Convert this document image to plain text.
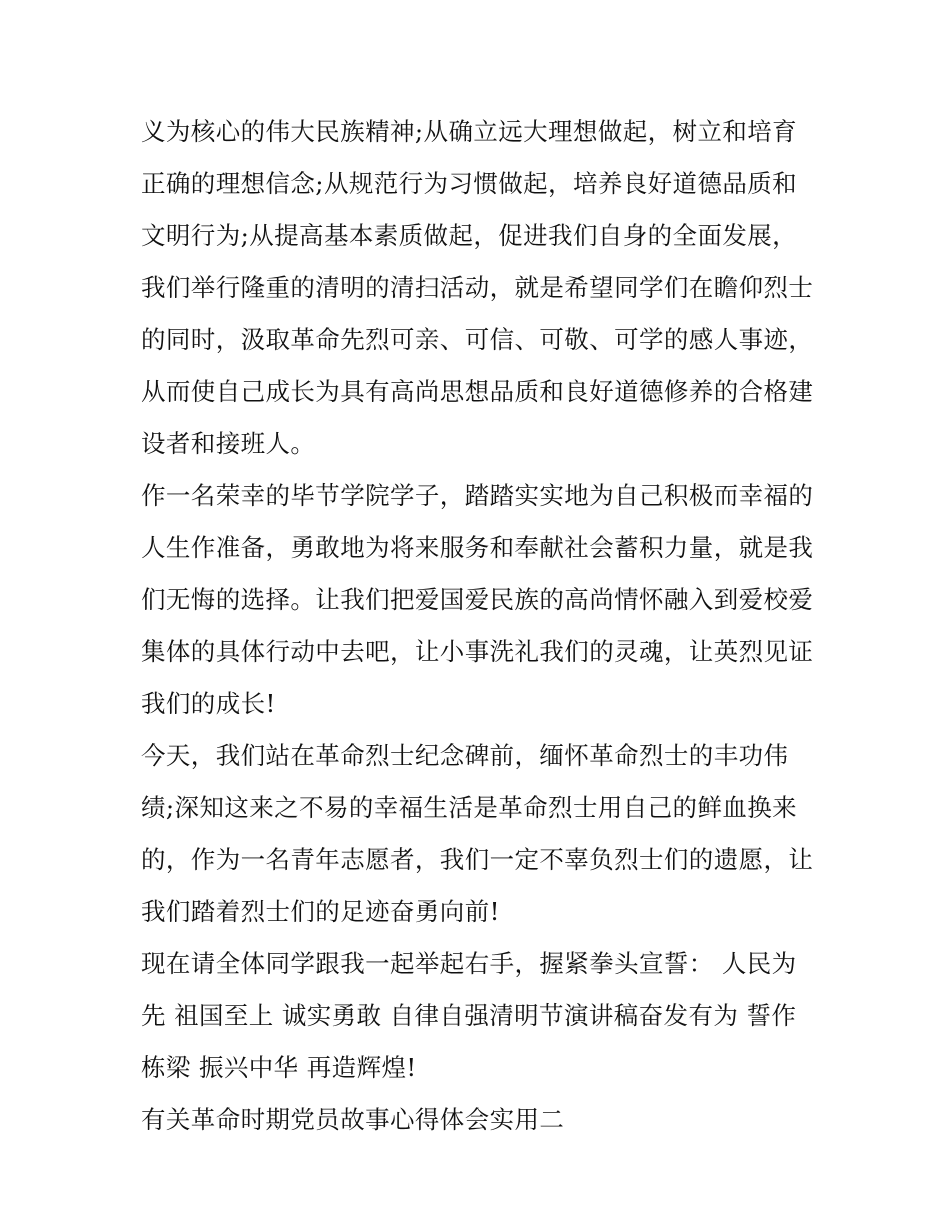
义为核心的伟大民族精神;从确立远大理想做起，树立和培育
正确的理想信念;从规范行为习惯做起，培养良好道德品质和
文明行为;从提高基本素质做起，促进我们自身的全面发展，
我们举行隆重的清明的清扫活动，就是希望同学们在瞻仰烈士
的同时，汲取革命先烈可亲、可信、可敬、可学的感人事迹，
从而使自己成长为具有高尚思想品质和良好道德修养的合格建
设者和接班人。
作一名荣幸的毕节学院学子，踏踏实实地为自己积极而幸福的
人生作准备，勇敢地为将来服务和奉献社会蓄积力量，就是我
们无悔的选择。让我们把爱国爱民族的高尚情怀融入到爱校爱
集体的具体行动中去吧，让小事洗礼我们的灵魂，让英烈见证
我们的成长!
今天，我们站在革命烈士纪念碑前，缅怀革命烈士的丰功伟
绩;深知这来之不易的幸福生活是革命烈士用自己的鲜血换来
的，作为一名青年志愿者，我们一定不辜负烈士们的遗愿，让
我们踏着烈士们的足迹奋勇向前!
现在请全体同学跟我一起举起右手，握紧拳头宣誓： 人民为
先 祖国至上 诚实勇敢 自律自强清明节演讲稿奋发有为 誓作
栋梁 振兴中华 再造辉煌!
有关革命时期党员故事心得体会实用二
